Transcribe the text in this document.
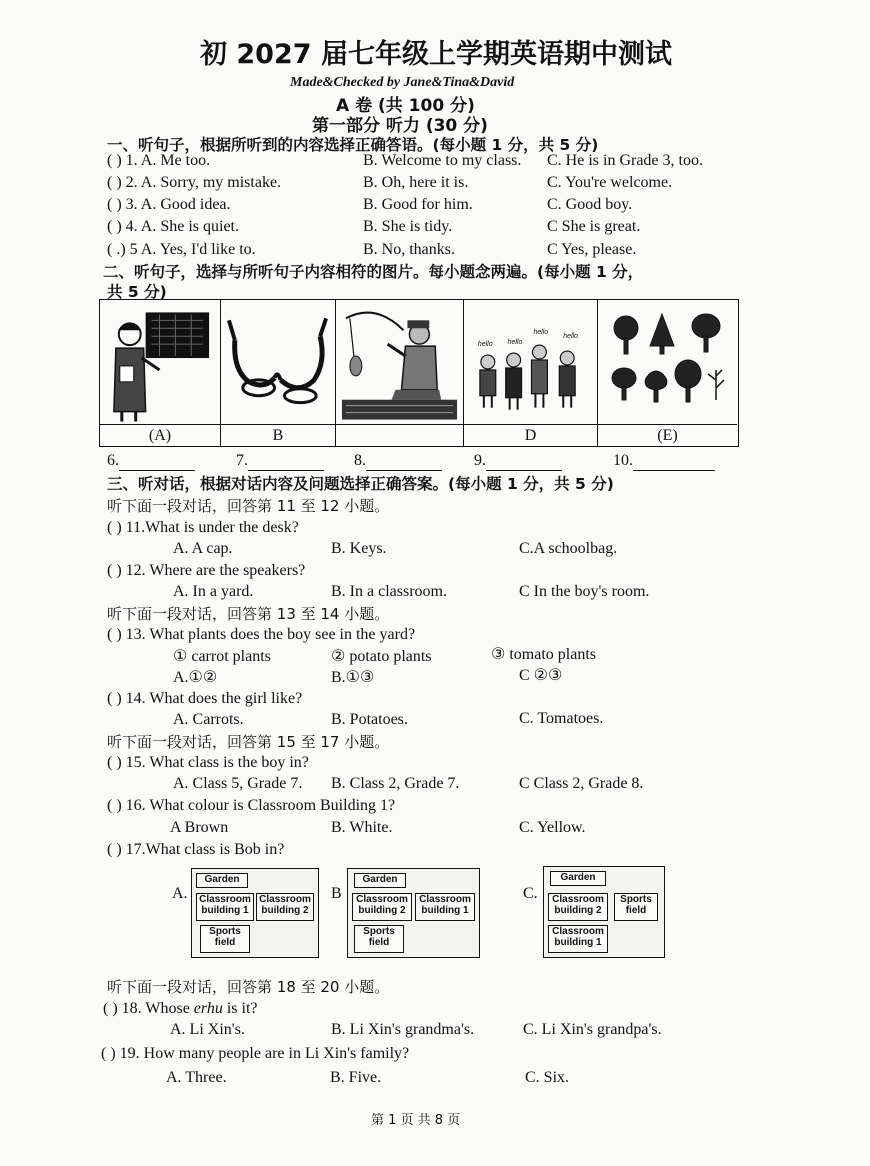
初 2027 届七年级上学期英语期中测试
Made&Checked by Jane&Tina&David
A 卷 (共 100 分)
第一部分 听力 (30 分)
一、听句子，根据所听到的内容选择正确答语。(每小题 1 分，共 5 分)
( ) 1. A. Me too.	B. Welcome to my class. C. He is in Grade 3, too.
( ) 2. A. Sorry, my mistake.	B. Oh, here it is.	C. You're welcome.
( ) 3. A. Good idea.	B. Good for him.	C. Good boy.
( ) 4. A. She is quiet.	B. She is tidy.	C She is great.
( .) 5 A. Yes, I'd like to.	B. No, thanks.	C Yes, please.
二、听句子，选择与所听句子内容相符的图片。每小题念两遍。(每小题 1 分，
共 5 分)
hello hello
hello
hello
(A)	B	D	(E)
6.	7.	8.	9.	10.
三、听对话，根据对话内容及问题选择正确答案。(每小题 1 分，共 5 分)
听下面一段对话，回答第 11 至 12 小题。
( ) 11.What is under the desk?
A. A cap.	B. Keys.	C.A schoolbag.
( ) 12. Where are the speakers?
A. In a yard.	B. In a classroom.	C In the boy's room.
听下面一段对话，回答第 13 至 14 小题。
( ) 13. What plants does the boy see in the yard?
① carrot plants	② potato plants	③ tomato plants
A.①②	B.①③	C ②③
( ) 14. What does the girl like?
A. Carrots.	B. Potatoes.	C. Tomatoes.
听下面一段对话，回答第 15 至 17 小题。
( ) 15. What class is the boy in?
A. Class 5, Grade 7. B. Class 2, Grade 7.	C Class 2, Grade 8.
( ) 16. What colour is Classroom Building 1?
A Brown	B. White.	C. Yellow.
( ) 17.What class is Bob in?
A.
Garden
Classroom building 1
Classroom building 2
Sports field
B
Garden
Classroom building 2
Classroom building 1
Sports field
C.
Garden
Classroom building 2
Sports field
Classroom building 1
听下面一段对话，回答第 18 至 20 小题。
( ) 18. Whose erhu is it?
A. Li Xin's.	B. Li Xin's grandma's.	C. Li Xin's grandpa's.
( ) 19. How many people are in Li Xin's family?
A. Three.	B. Five.	C. Six.
第 1 页 共 8 页
